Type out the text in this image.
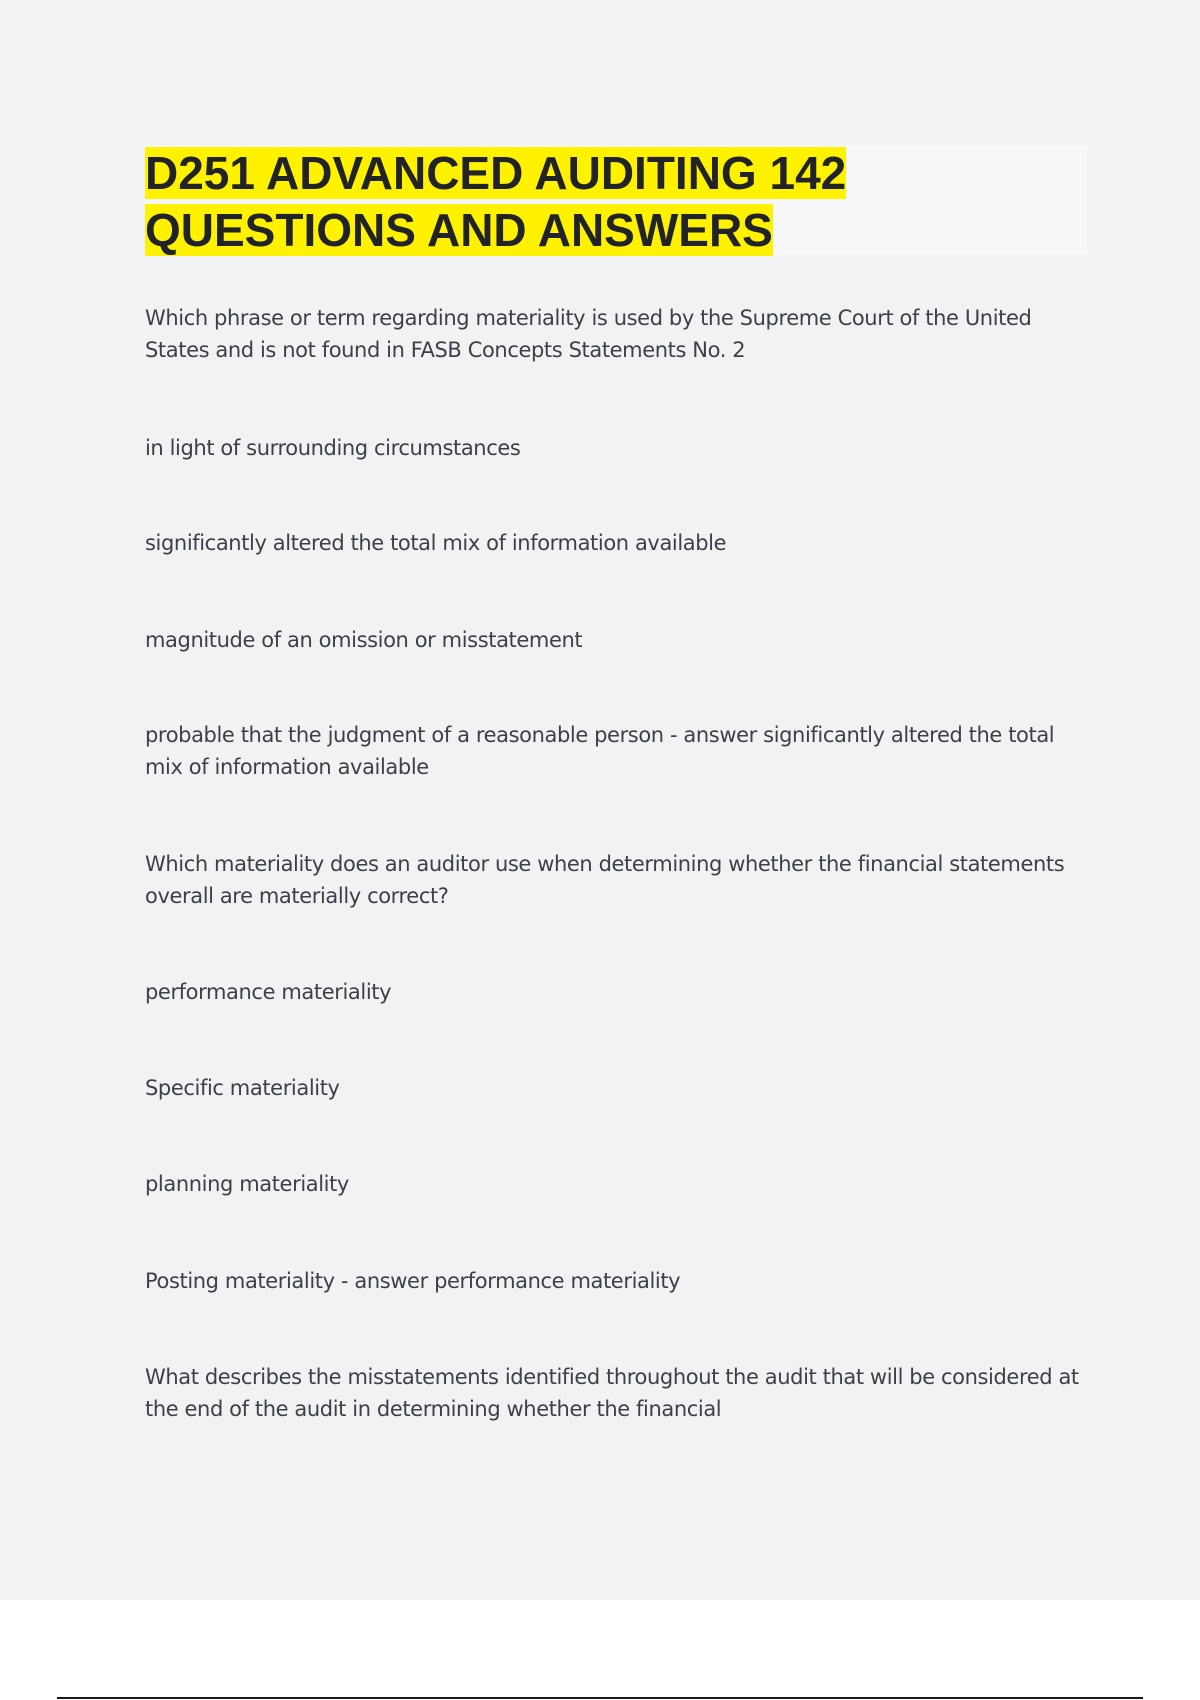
D251 ADVANCED AUDITING 142
QUESTIONS AND ANSWERS

Which phrase or term regarding materiality is used by the Supreme Court of the United States and is not found in FASB Concepts Statements No. 2

in light of surrounding circumstances

significantly altered the total mix of information available

magnitude of an omission or misstatement

probable that the judgment of a reasonable person - answer significantly altered the total mix of information available

Which materiality does an auditor use when determining whether the financial statements overall are materially correct?

performance materiality

Specific materiality

planning materiality

Posting materiality - answer performance materiality

What describes the misstatements identified throughout the audit that will be considered at the end of the audit in determining whether the financial
